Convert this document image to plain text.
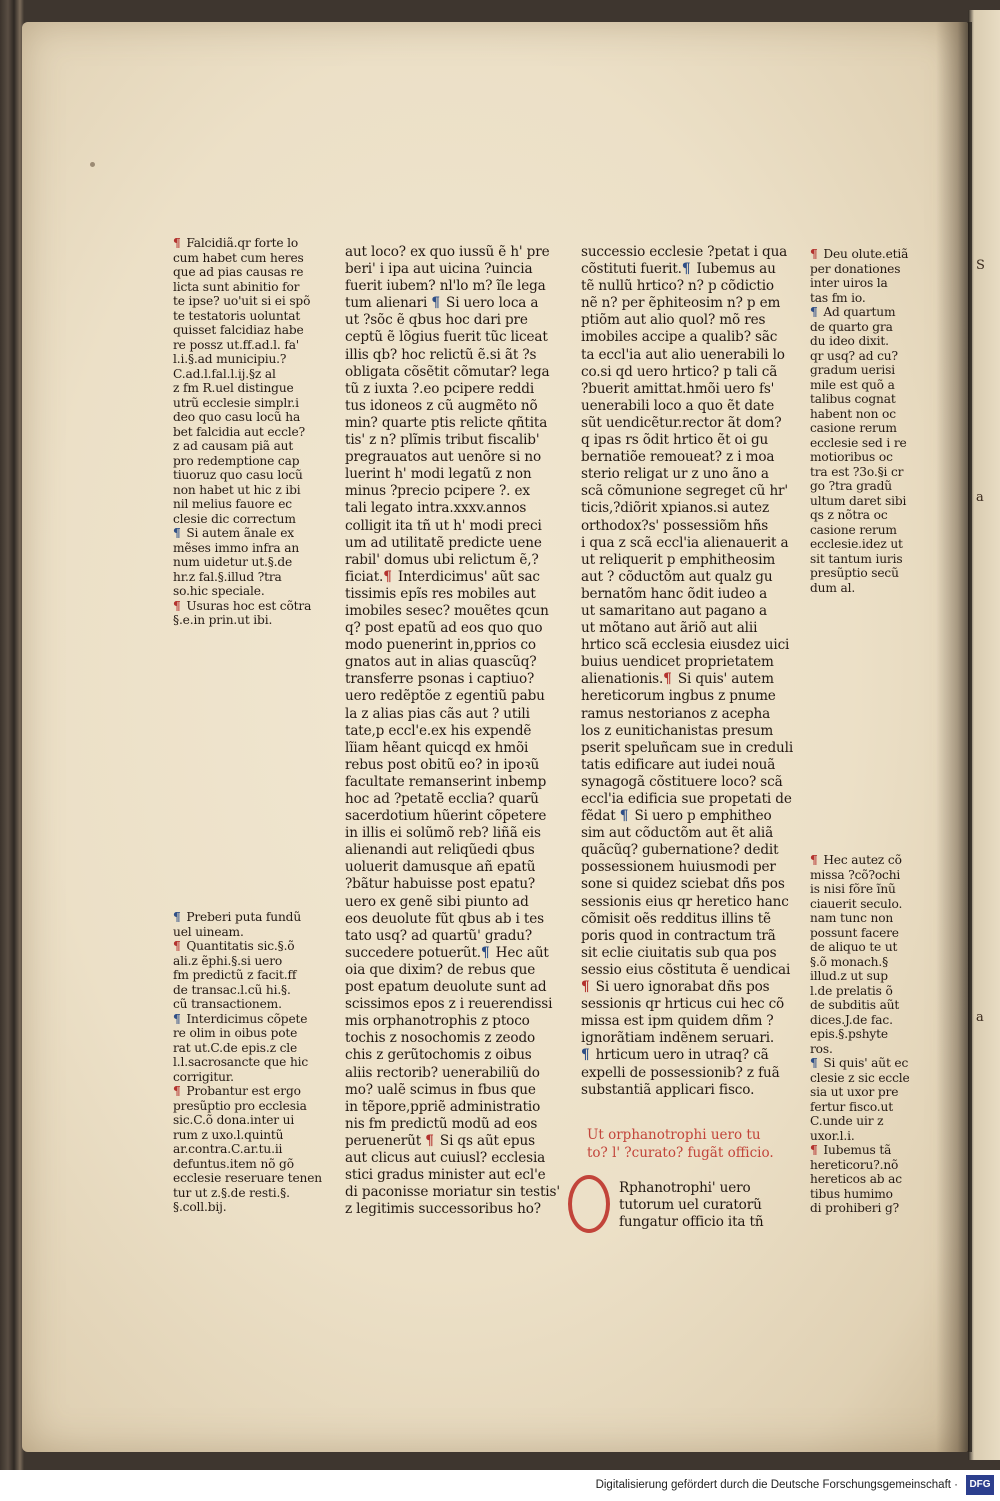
S
a
a
¶ Falcidiã.qr forte lo
cum habet cum heres
que ad pias causas re
licta sunt abinitio for
te ipse? uo'uit si ei spõ
te testatoris uoluntat
quisset falcidiaz habe
re possz ut.ff.ad.l. fa'
l.i.§.ad municipiu.?
C.ad.l.fal.l.ij.§z al
z fm R.uel distingue
utrũ ecclesie simplr.i
deo quo casu locũ ha
bet falcidia aut eccle?
z ad causam piã aut
pro redemptione cap
tiuoruz quo casu locũ
non habet ut hic z ibi
nil melius fauore ec
clesie dic correctum
¶ Si autem ãnale ex
mẽses immo infra an
num uidetur ut.§.de
hr.z fal.§.illud ?tra
so.hic speciale.
¶ Usuras hoc est cõtra
§.e.in prin.ut ibi.
¶ Preberi puta fundũ
uel uineam.
¶ Quantitatis sic.§.õ
ali.z ẽphi.§.si uero
fm predictũ z facit.ff
de transac.l.cũ hi.§.
cũ transactionem.
¶ Interdicimus cõpete
re olim in oibus pote
rat ut.C.de epis.z cle
l.l.sacrosancte que hic
corrigitur.
¶ Probantur est ergo
presũptio pro ecclesia
sic.C.õ dona.inter ui
rum z uxo.l.quintũ
ar.contra.C.ar.tu.ii
defuntus.item nõ gõ
ecclesie reseruare tenen
tur ut z.§.de resti.§.
§.coll.bij.
aut loco? ex quo iussũ ẽ h' pre
beri' i ipa aut uicina ?uincia
fuerit iubem? nl'lo m? ĩle lega
tum alienari ¶ Si uero loca a
ut ?sõc ẽ qbus hoc dari pre
ceptũ ẽ lõgius fuerit tũc liceat
illis qb? hoc relictũ ẽ.si ãt ?s
obligata cõsẽtit cõmutar? lega
tũ z iuxta ?.eo pcipere reddi
tus idoneos z cũ augmẽto nõ
min? quarte ptis relicte qñtita
tis' z n? plĩmis tribut fiscalib'
pregrauatos aut uenõre si no
luerint h' modi legatũ z non
minus ?precio pcipere ?. ex
tali legato intra.xxxv.annos
colligit ita tñ ut h' modi preci
um ad utilitatẽ predicte uene
rabil' domus ubi relictum ẽ,?
ficiat.¶ Interdicimus' aũt sac
tissimis epĩs res mobiles aut
imobiles sesec? mouẽtes qcun
q? post epatũ ad eos quo quo
modo puenerint in,pprios co
gnatos aut in alias quascũq?
transferre psonas i captiuo?
uero redẽptõe z egentiũ pabu
la z alias pias cãs aut ? utili
tate,p eccl'e.ex his expendẽ
lĩiam hẽant quicqd ex hmõi
rebus post obitũ eo? in ipoꝛũ
facultate remanserint inbemp
hoc ad ?petatẽ ecclia? quarũ
sacerdotium hũerint cõpetere
in illis ei solũmõ reb? liñã eis
alienandi aut reliqũedi qbus
uoluerit damusque añ epatũ
?bãtur habuisse post epatu?
uero ex genẽ sibi piunto ad
eos deuolute fũt qbus ab i tes
tato usq? ad quartũ' gradu?
succedere potuerũt.¶ Hec aũt
oia que dixim? de rebus que
post epatum deuolute sunt ad
scissimos epos z i reuerendissi
mis orphanotrophis z ptoco
tochis z nosochomis z zeodo
chis z gerũtochomis z oibus
aliis rectorib? uenerabiliũ do
mo? ualẽ scimus in fbus que
in tẽpore,ppriẽ administratio
nis fm predictũ modũ ad eos
peruenerũt ¶ Si qs aũt epus
aut clicus aut cuiusl? ecclesia
stici gradus minister aut ecl'e
di paconisse moriatur sin testis'
z legitimis successoribus ho?
successio ecclesie ?petat i qua
cõstituti fuerit.¶ Iubemus au
tẽ nullũ hrtico? n? p cõdictio
nẽ n? per ẽphiteosim n? p em
ptiõm aut alio quol? mõ res
imobiles accipe a qualib? sãc
ta eccl'ia aut alio uenerabili lo
co.si qd uero hrtico? p tali cã
?buerit amittat.hmõi uero fs'
uenerabili loco a quo ẽt date
sũt uendicẽtur.rector ãt dom?
q ipas rs õdit hrtico ẽt oi gu
bernatiõe remoueat? z i moa
sterio religat ur z uno ãno a
scã cõmunione segreget cũ hr'
ticis,?diõrit xpianos.si autez
orthodox?s' possessiõm hñs
i qua z scã eccl'ia alienauerit a
ut reliquerit p emphitheosim
aut ? cõductõm aut qualz gu
bernatõm hanc õdit iudeo a
ut samaritano aut pagano a
ut mõtano aut ãriõ aut alii
hrtico scã ecclesia eiusdez uici
buius uendicet proprietatem
alienationis.¶ Si quis' autem
hereticorum ingbus z pnume
ramus nestorianos z acepha
los z eunitichanistas presum
pserit speluñcam sue in creduli
tatis edificare aut iudei nouã
synagogã cõstituere loco? scã
eccl'ia edificia sue propetati de
fẽdat ¶ Si uero p emphitheo
sim aut cõductõm aut ẽt aliã
quãcũq? gubernatione? dedit
possessionem huiusmodi per
sone si quidez sciebat dñs pos
sessionis eius qr heretico hanc
cõmisit oẽs redditus illins tẽ
poris quod in contractum trã
sit eclie ciuitatis sub qua pos
sessio eius cõstituta ẽ uendicai
¶ Si uero ignorabat dñs pos
sessionis qr hrticus cui hec cõ
missa est ipm quidem dñm ?
ignorãtiam indẽnem seruari.
¶ hrticum uero in utraq? cã
expelli de possessionib? z fuã
substantiã applicari fisco.
Ut orphanotrophi uero tu
to? l' ?curato? fugãt officio.
Rphanotrophi' uero
tutorum uel curatorũ
fungatur officio ita tñ
¶ Deu olute.etiã
per donationes
inter uiros la
tas fm io.
¶ Ad quartum
de quarto gra
du ideo dixit.
qr usq? ad cu?
gradum uerisi
mile est quõ a
talibus cognat
habent non oc
casione rerum
ecclesie sed i re
motioribus oc
tra est ?3o.§i cr
go ?tra gradũ
ultum daret sibi
qs z nõtra oc
casione rerum
ecclesie.idez ut
sit tantum iuris
presũptio secũ
dum al.
¶ Hec autez cõ
missa ?cõ?ochi
is nisi fõre ĩnũ
ciauerit seculo.
nam tunc non
possunt facere
de aliquo te ut
§.õ monach.§
illud.z ut sup
l.de prelatis õ
de subditis aũt
dices.J.de fac.
epis.§.pshyte
ros.
¶ Si quis' aũt ec
clesie z sic eccle
sia ut uxor pre
fertur fisco.ut
C.unde uir z
uxor.l.i.
¶ Iubemus tã
hereticoru?.nõ
hereticos ab ac
tibus humimo
di prohiberi g?
Digitalisierung gefördert durch die Deutsche Forschungsgemeinschaft ·	DFG
